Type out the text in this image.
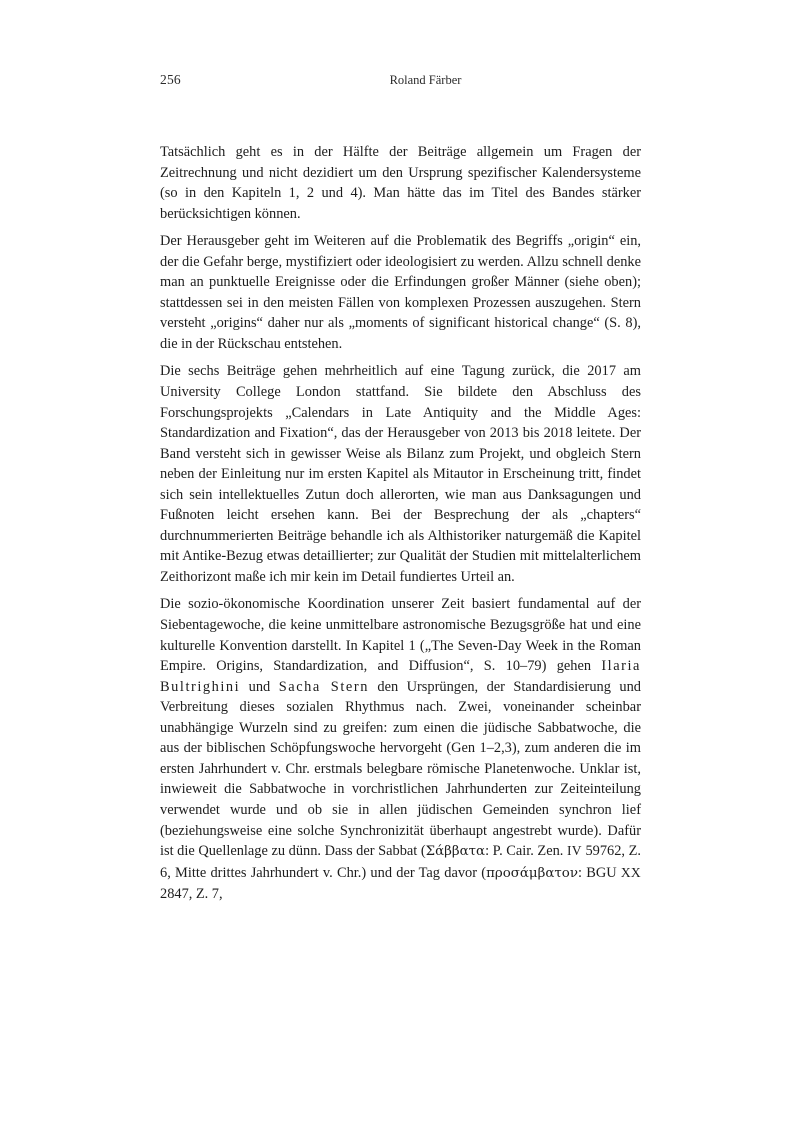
256	Roland Färber

Tatsächlich geht es in der Hälfte der Beiträge allgemein um Fragen der Zeitrechnung und nicht dezidiert um den Ursprung spezifischer Kalendersysteme (so in den Kapiteln 1, 2 und 4). Man hätte das im Titel des Bandes stärker berücksichtigen können.

Der Herausgeber geht im Weiteren auf die Problematik des Begriffs „origin“ ein, der die Gefahr berge, mystifiziert oder ideologisiert zu werden. Allzu schnell denke man an punktuelle Ereignisse oder die Erfindungen großer Männer (siehe oben); stattdessen sei in den meisten Fällen von komplexen Prozessen auszugehen. Stern versteht „origins“ daher nur als „moments of significant historical change“ (S. 8), die in der Rückschau entstehen.

Die sechs Beiträge gehen mehrheitlich auf eine Tagung zurück, die 2017 am University College London stattfand. Sie bildete den Abschluss des Forschungsprojekts „Calendars in Late Antiquity and the Middle Ages: Standardization and Fixation“, das der Herausgeber von 2013 bis 2018 leitete. Der Band versteht sich in gewisser Weise als Bilanz zum Projekt, und obgleich Stern neben der Einleitung nur im ersten Kapitel als Mitautor in Erscheinung tritt, findet sich sein intellektuelles Zutun doch allerorten, wie man aus Danksagungen und Fußnoten leicht ersehen kann. Bei der Besprechung der als „chapters“ durchnummerierten Beiträge behandle ich als Althistoriker naturgemäß die Kapitel mit Antike-Bezug etwas detaillierter; zur Qualität der Studien mit mittelalterlichem Zeithorizont maße ich mir kein im Detail fundiertes Urteil an.

Die sozio-ökonomische Koordination unserer Zeit basiert fundamental auf der Siebentagewoche, die keine unmittelbare astronomische Bezugsgröße hat und eine kulturelle Konvention darstellt. In Kapitel 1 („The Seven-Day Week in the Roman Empire. Origins, Standardization, and Diffusion“, S. 10–79) gehen Ilaria Bultrighini und Sacha Stern den Ursprüngen, der Standardisierung und Verbreitung dieses sozialen Rhythmus nach. Zwei, voneinander scheinbar unabhängige Wurzeln sind zu greifen: zum einen die jüdische Sabbatwoche, die aus der biblischen Schöpfungswoche hervorgeht (Gen 1–2,3), zum anderen die im ersten Jahrhundert v. Chr. erstmals belegbare römische Planetenwoche. Unklar ist, inwieweit die Sabbatwoche in vorchristlichen Jahrhunderten zur Zeiteinteilung verwendet wurde und ob sie in allen jüdischen Gemeinden synchron lief (beziehungsweise eine solche Synchronizität überhaupt angestrebt wurde). Dafür ist die Quellenlage zu dünn. Dass der Sabbat (Σάββατα: P. Cair. Zen. IV 59762, Z. 6, Mitte drittes Jahrhundert v. Chr.) und der Tag davor (προσάμβατον: BGU XX 2847, Z. 7,
